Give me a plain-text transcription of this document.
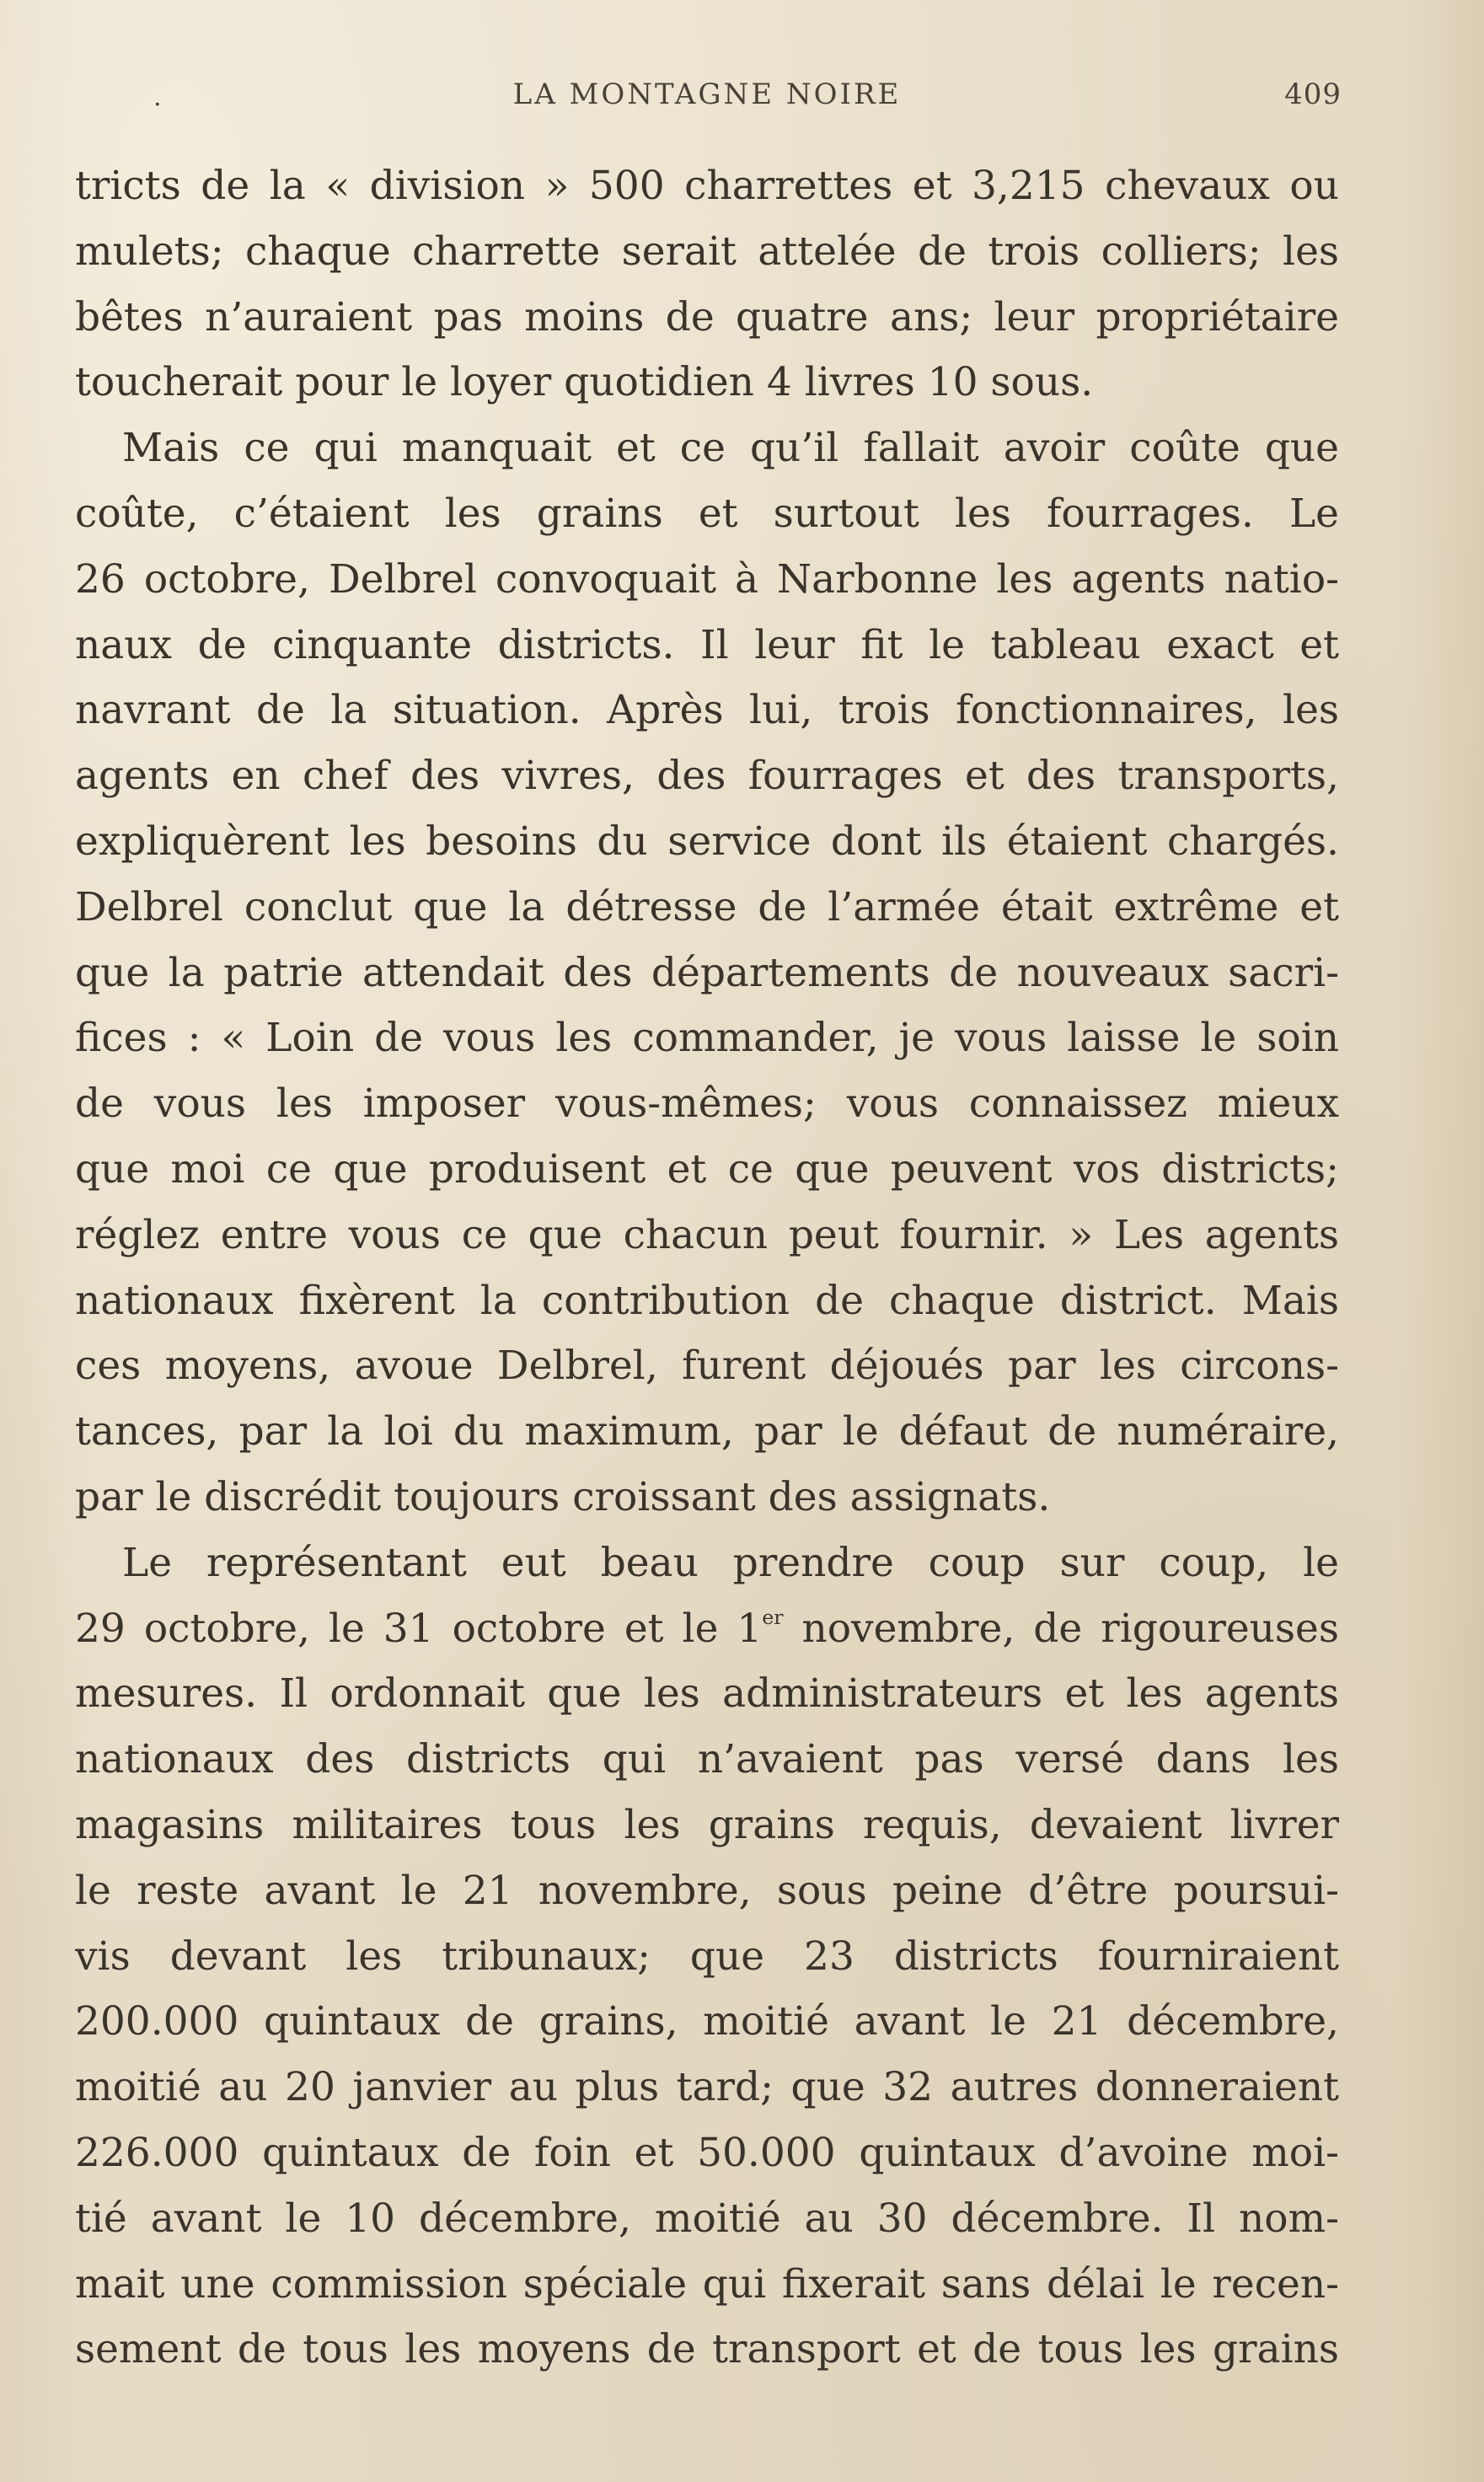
.	LA MONTAGNE NOIRE	409
tricts de la « division » 500 charrettes et 3,215 chevaux ou
mulets; chaque charrette serait attelée de trois colliers; les
bêtes n’auraient pas moins de quatre ans; leur propriétaire
toucherait pour le loyer quotidien 4 livres 10 sous.
Mais ce qui manquait et ce qu’il fallait avoir coûte que
coûte, c’étaient les grains et surtout les fourrages. Le
26 octobre, Delbrel convoquait à Narbonne les agents natio-
naux de cinquante districts. Il leur fit le tableau exact et
navrant de la situation. Après lui, trois fonctionnaires, les
agents en chef des vivres, des fourrages et des transports,
expliquèrent les besoins du service dont ils étaient chargés.
Delbrel conclut que la détresse de l’armée était extrême et
que la patrie attendait des départements de nouveaux sacri-
fices : « Loin de vous les commander, je vous laisse le soin
de vous les imposer vous-mêmes; vous connaissez mieux
que moi ce que produisent et ce que peuvent vos districts;
réglez entre vous ce que chacun peut fournir. » Les agents
nationaux fixèrent la contribution de chaque district. Mais
ces moyens, avoue Delbrel, furent déjoués par les circons-
tances, par la loi du maximum, par le défaut de numéraire,
par le discrédit toujours croissant des assignats.
Le représentant eut beau prendre coup sur coup, le
29 octobre, le 31 octobre et le 1er novembre, de rigoureuses
mesures. Il ordonnait que les administrateurs et les agents
nationaux des districts qui n’avaient pas versé dans les
magasins militaires tous les grains requis, devaient livrer
le reste avant le 21 novembre, sous peine d’être poursui-
vis devant les tribunaux; que 23 districts fourniraient
200.000 quintaux de grains, moitié avant le 21 décembre,
moitié au 20 janvier au plus tard; que 32 autres donneraient
226.000 quintaux de foin et 50.000 quintaux d’avoine moi-
tié avant le 10 décembre, moitié au 30 décembre. Il nom-
mait une commission spéciale qui fixerait sans délai le recen-
sement de tous les moyens de transport et de tous les grains
